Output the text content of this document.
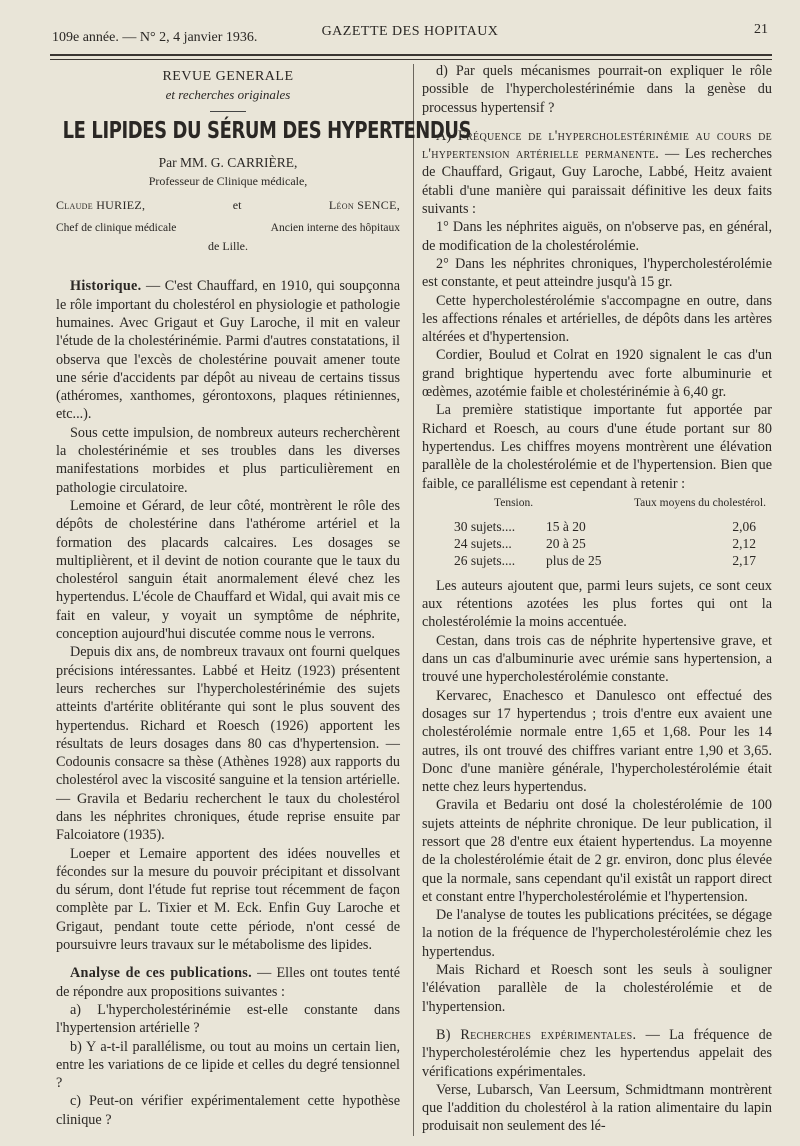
109e année. — N° 2, 4 janvier 1936.	GAZETTE DES HOPITAUX	21

REVUE GENERALE

et recherches originales

LE LIPIDES DU SÉRUM DES HYPERTENDUS

Par MM. G. CARRIÈRE,

Professeur de Clinique médicale,

Claude HURIEZ,	et	Léon SENCE,
Chef de clinique médicale	Ancien interne des hôpitaux

de Lille.

Historique. — C'est Chauffard, en 1910, qui soupçonna le rôle important du cholestérol en physiologie et pathologie humaines. Avec Grigaut et Guy Laroche, il mit en valeur l'étude de la cholestérinémie. Parmi d'autres constatations, il observa que l'excès de cholestérine pouvait amener toute une série d'accidents par dépôt au niveau de certains tissus (athéromes, xanthomes, gérontoxons, plaques rétiniennes, etc...).

Sous cette impulsion, de nombreux auteurs recherchèrent la cholestérinémie et ses troubles dans les diverses manifestations morbides et plus particulièrement en pathologie circulatoire.

Lemoine et Gérard, de leur côté, montrèrent le rôle des dépôts de cholestérine dans l'athérome artériel et la formation des placards calcaires. Les dosages se multiplièrent, et il devint de notion courante que le taux du cholestérol sanguin était anormalement élevé chez les hypertendus. L'école de Chauffard et Widal, qui avait mis ce fait en valeur, y voyait un symptôme de néphrite, conception aujourd'hui discutée comme nous le verrons.

Depuis dix ans, de nombreux travaux ont fourni quelques précisions intéressantes. Labbé et Heitz (1923) présentent leurs recherches sur l'hypercholestérinémie des sujets atteints d'artérite oblitérante qui sont le plus souvent des hypertendus. Richard et Roesch (1926) apportent les résultats de leurs dosages dans 80 cas d'hypertension. — Codounis consacre sa thèse (Athènes 1928) aux rapports du cholestérol avec la viscosité sanguine et la tension artérielle. — Gravila et Bedariu recherchent le taux du cholestérol dans les néphrites chroniques, étude reprise ensuite par Falcoiatore (1935).

Loeper et Lemaire apportent des idées nouvelles et fécondes sur la mesure du pouvoir précipitant et dissolvant du sérum, dont l'étude fut reprise tout récemment de façon complète par L. Tixier et M. Eck. Enfin Guy Laroche et Grigaut, pendant toute cette période, n'ont cessé de poursuivre leurs travaux sur le métabolisme des lipides.

Analyse de ces publications. — Elles ont toutes tenté de répondre aux propositions suivantes :

a) L'hypercholestérinémie est-elle constante dans l'hypertension artérielle ?

b) Y a-t-il parallélisme, ou tout au moins un certain lien, entre les variations de ce lipide et celles du degré tensionnel ?

c) Peut-on vérifier expérimentalement cette hypothèse clinique ?

d) Par quels mécanismes pourrait-on expliquer le rôle possible de l'hypercholestérinémie dans la genèse du processus hypertensif ?

A) Fréquence de l'hypercholestérinémie au cours de l'hypertension artérielle permanente. — Les recherches de Chauffard, Grigaut, Guy Laroche, Labbé, Heitz avaient établi d'une manière qui paraissait définitive les deux faits suivants :

1° Dans les néphrites aiguës, on n'observe pas, en général, de modification de la cholestérolémie.

2° Dans les néphrites chroniques, l'hypercholestérolémie est constante, et peut atteindre jusqu'à 15 gr.

Cette hypercholestérolémie s'accompagne en outre, dans les affections rénales et artérielles, de dépôts dans les artères altérées et d'hypertension.

Cordier, Boulud et Colrat en 1920 signalent le cas d'un grand brightique hypertendu avec forte albuminurie et œdèmes, azotémie faible et cholestérinémie à 6,40 gr.

La première statistique importante fut apportée par Richard et Roesch, au cours d'une étude portant sur 80 hypertendus. Les chiffres moyens montrèrent une élévation parallèle de la cholestérolémie et de l'hypertension. Bien que faible, ce parallélisme est cependant à retenir :

Tension.	Taux moyens du cholestérol.
30 sujets....	15 à 20	2,06
24 sujets...	20 à 25	2,12
26 sujets....	plus de 25	2,17

Les auteurs ajoutent que, parmi leurs sujets, ce sont ceux aux rétentions azotées les plus fortes qui ont la cholestérolémie la moins accentuée.

Cestan, dans trois cas de néphrite hypertensive grave, et dans un cas d'albuminurie avec urémie sans hypertension, a trouvé une hypercholestérolémie constante.

Kervarec, Enachesco et Danulesco ont effectué des dosages sur 17 hypertendus ; trois d'entre eux avaient une cholestérolémie normale entre 1,65 et 1,68. Pour les 14 autres, ils ont trouvé des chiffres variant entre 1,90 et 3,65. Donc d'une manière générale, l'hypercholestérolémie était nette chez leurs hypertendus.

Gravila et Bedariu ont dosé la cholestérolémie de 100 sujets atteints de néphrite chronique. De leur publication, il ressort que 28 d'entre eux étaient hypertendus. La moyenne de la cholestérolémie était de 2 gr. environ, donc plus élevée que la normale, sans cependant qu'il existât un rapport direct et constant entre l'hypercholestérolémie et l'hypertension.

De l'analyse de toutes les publications précitées, se dégage la notion de la fréquence de l'hypercholestérolémie chez les hypertendus.

Mais Richard et Roesch sont les seuls à souligner l'élévation parallèle de la cholestérolémie et de l'hypertension.

B) Recherches expérimentales. — La fréquence de l'hypercholestérolémie chez les hypertendus appelait des vérifications expérimentales.

Verse, Lubarsch, Van Leersum, Schmidtmann montrèrent que l'addition du cholestérol à la ration alimentaire du lapin produisait non seulement des lé-
